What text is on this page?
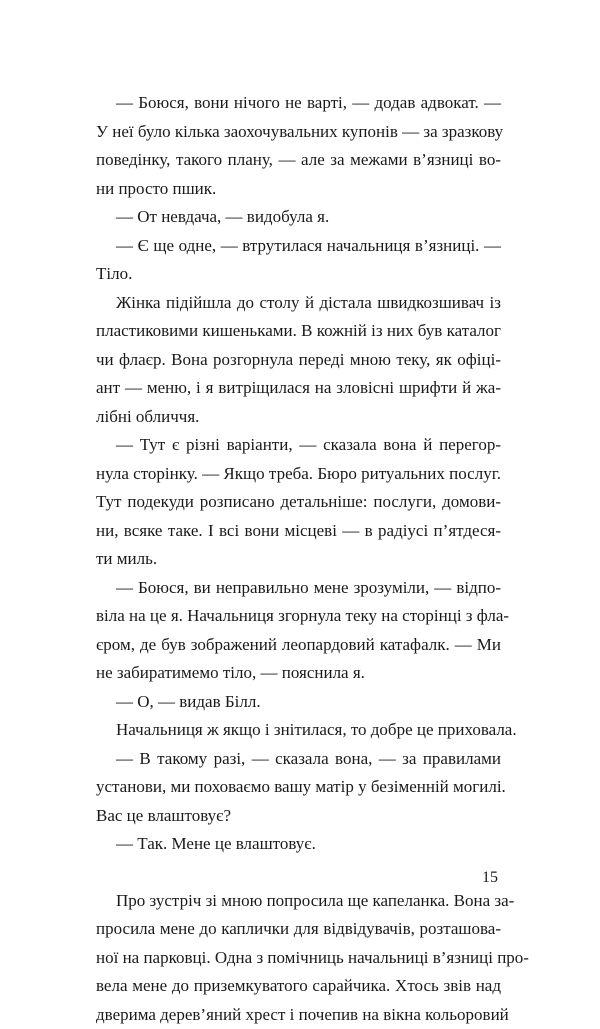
— Боюся, вони нічого не варті, — додав адвокат. —
У неї було кілька заохочувальних купонів — за зразкову
поведінку, такого плану, — але за межами в’язниці во-
ни просто пшик.

— От невдача, — видобула я.

— Є ще одне, — втрутилася начальниця в’язниці. —
Тіло.

Жінка підійшла до столу й дістала швидкозшивач із
пластиковими кишеньками. В кожній із них був каталог
чи флаєр. Вона розгорнула переді мною теку, як офіці-
ант — меню, і я витріщилася на зловісні шрифти й жа-
лібні обличчя.

— Тут є різні варіанти, — сказала вона й перегор-
нула сторінку. — Якщо треба. Бюро ритуальних послуг.
Тут подекуди розписано детальніше: послуги, домови-
ни, всяке таке. І всі вони місцеві — в радіусі п’ятдеся-
ти миль.

— Боюся, ви неправильно мене зрозуміли, — відпо-
віла на це я. Начальниця згорнула теку на сторінці з фла-
єром, де був зображений леопардовий катафалк. — Ми
не забиратимемо тіло, — пояснила я.

— О, — видав Білл.

Начальниця ж якщо і знітилася, то добре це приховала.

— В такому разі, — сказала вона, — за правилами
установи, ми поховаємо вашу матір у безіменній могилі.
Вас це влаштовує?

— Так. Мене це влаштовує.

Про зустріч зі мною попросила ще капеланка. Вона за-
просила мене до каплички для відвідувачів, розташова-
ної на парковці. Одна з помічниць начальниці в’язниці про-
вела мене до приземкуватого сарайчика. Хтось звів над
дверима дерев’яний хрест і почепив на вікна кольоровий

15
